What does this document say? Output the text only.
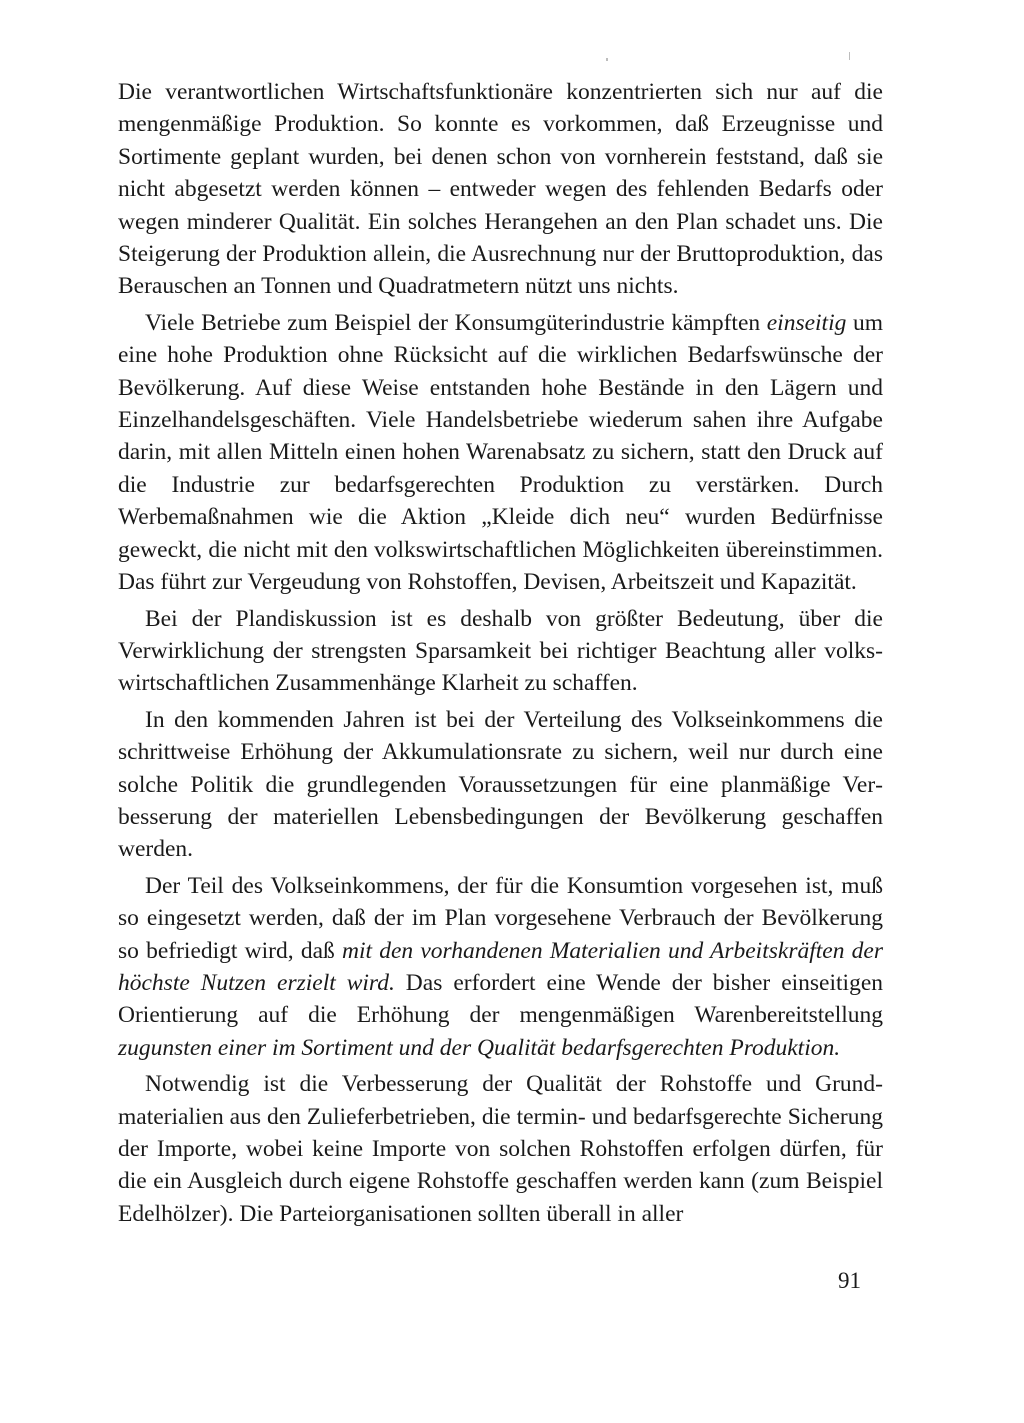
Die verantwortlichen Wirtschaftsfunktionäre konzentrierten sich nur auf die mengenmäßige Produktion. So konnte es vorkommen, daß Erzeugnisse und Sortimente geplant wurden, bei denen schon von vornherein feststand, daß sie nicht abgesetzt werden können – entweder wegen des fehlenden Bedarfs oder wegen minderer Qualität. Ein solches Herangehen an den Plan schadet uns. Die Steigerung der Produktion allein, die Ausrechnung nur der Bruttoproduktion, das Berauschen an Tonnen und Quadratmetern nützt uns nichts.

Viele Betriebe zum Beispiel der Konsumgüterindustrie kämpften einseitig um eine hohe Produktion ohne Rücksicht auf die wirklichen Bedarfswünsche der Bevölkerung. Auf diese Weise entstanden hohe Bestände in den Lägern und Einzelhandelsgeschäften. Viele Handelsbetriebe wiederum sahen ihre Aufgabe darin, mit allen Mitteln einen hohen Warenabsatz zu sichern, statt den Druck auf die Industrie zur bedarfsgerechten Produktion zu verstärken. Durch Werbemaßnahmen wie die Aktion „Kleide dich neu“ wurden Bedürfnisse geweckt, die nicht mit den volkswirtschaftlichen Möglichkeiten übereinstimmen. Das führt zur Vergeudung von Rohstoffen, Devisen, Arbeitszeit und Kapazität.

Bei der Plandiskussion ist es deshalb von größter Bedeutung, über die Verwirklichung der strengsten Sparsamkeit bei richtiger Beachtung aller volkswirtschaftlichen Zusammenhänge Klarheit zu schaffen.

In den kommenden Jahren ist bei der Verteilung des Volkseinkommens die schrittweise Erhöhung der Akkumulationsrate zu sichern, weil nur durch eine solche Politik die grundlegenden Voraussetzungen für eine planmäßige Verbesserung der materiellen Lebensbedingungen der Bevölkerung geschaffen werden.

Der Teil des Volkseinkommens, der für die Konsumtion vorgesehen ist, muß so eingesetzt werden, daß der im Plan vorgesehene Verbrauch der Bevölkerung so befriedigt wird, daß mit den vorhandenen Materialien und Arbeitskräften der höchste Nutzen erzielt wird. Das erfordert eine Wende der bisher einseitigen Orientierung auf die Erhöhung der mengenmäßigen Warenbereitstellung zugunsten einer im Sortiment und der Qualität bedarfsgerechten Produktion.

Notwendig ist die Verbesserung der Qualität der Rohstoffe und Grundmaterialien aus den Zulieferbetrieben, die termin- und bedarfsgerechte Sicherung der Importe, wobei keine Importe von solchen Rohstoffen erfolgen dürfen, für die ein Ausgleich durch eigene Rohstoffe geschaffen werden kann (zum Beispiel Edelhölzer). Die Parteiorganisationen sollten überall in aller

91
